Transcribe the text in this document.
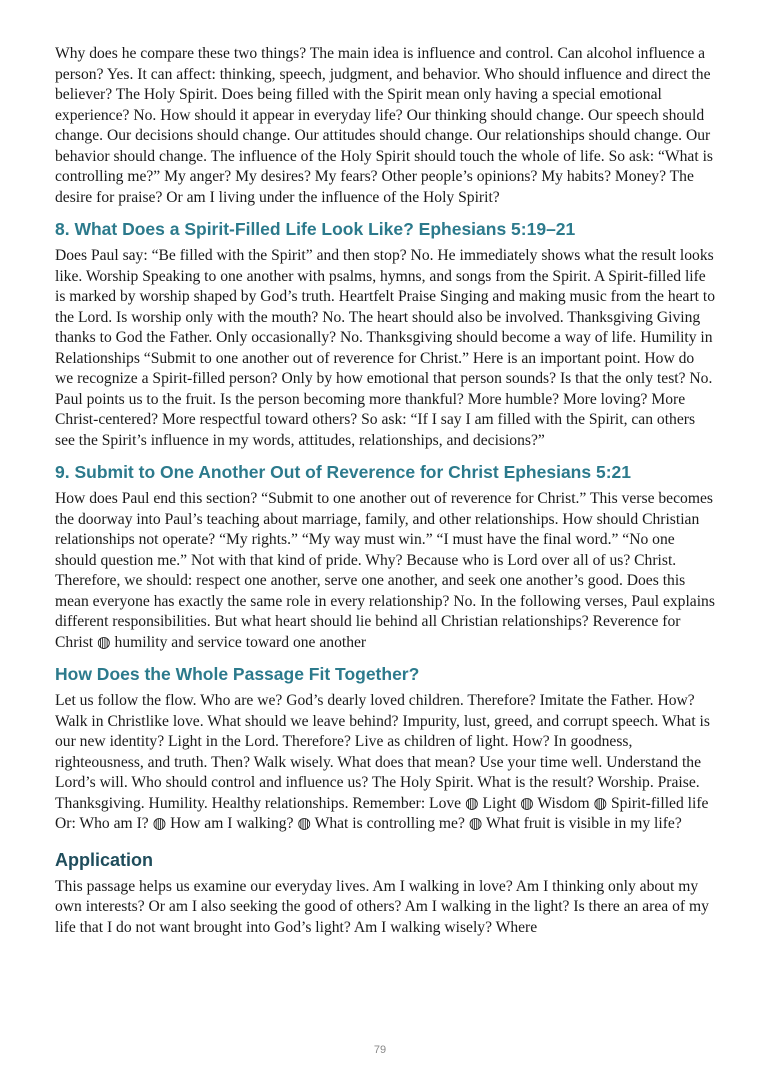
Why does he compare these two things? The main idea is influence and control. Can alcohol influence a person? Yes. It can affect: thinking, speech, judgment, and behavior. Who should influence and direct the believer? The Holy Spirit. Does being filled with the Spirit mean only having a special emotional experience? No. How should it appear in everyday life? Our thinking should change. Our speech should change. Our decisions should change. Our attitudes should change. Our relationships should change. Our behavior should change. The influence of the Holy Spirit should touch the whole of life. So ask: “What is controlling me?” My anger? My desires? My fears? Other people’s opinions? My habits? Money? The desire for praise? Or am I living under the influence of the Holy Spirit?

8. What Does a Spirit-Filled Life Look Like? Ephesians 5:19–21

Does Paul say: “Be filled with the Spirit” and then stop? No. He immediately shows what the result looks like. Worship Speaking to one another with psalms, hymns, and songs from the Spirit. A Spirit-filled life is marked by worship shaped by God’s truth. Heartfelt Praise Singing and making music from the heart to the Lord. Is worship only with the mouth? No. The heart should also be involved. Thanksgiving Giving thanks to God the Father. Only occasionally? No. Thanksgiving should become a way of life. Humility in Relationships “Submit to one another out of reverence for Christ.” Here is an important point. How do we recognize a Spirit-filled person? Only by how emotional that person sounds? Is that the only test? No. Paul points us to the fruit. Is the person becoming more thankful? More humble? More loving? More Christ-centered? More respectful toward others? So ask: “If I say I am filled with the Spirit, can others see the Spirit’s influence in my words, attitudes, relationships, and decisions?”

9. Submit to One Another Out of Reverence for Christ Ephesians 5:21

How does Paul end this section? “Submit to one another out of reverence for Christ.” This verse becomes the doorway into Paul’s teaching about marriage, family, and other relationships. How should Christian relationships not operate? “My rights.” “My way must win.” “I must have the final word.” “No one should question me.” Not with that kind of pride. Why? Because who is Lord over all of us? Christ. Therefore, we should: respect one another, serve one another, and seek one another’s good. Does this mean everyone has exactly the same role in every relationship? No. In the following verses, Paul explains different responsibilities. But what heart should lie behind all Christian relationships? Reverence for Christ ◍ humility and service toward one another

How Does the Whole Passage Fit Together?

Let us follow the flow. Who are we? God’s dearly loved children. Therefore? Imitate the Father. How? Walk in Christlike love. What should we leave behind? Impurity, lust, greed, and corrupt speech. What is our new identity? Light in the Lord. Therefore? Live as children of light. How? In goodness, righteousness, and truth. Then? Walk wisely. What does that mean? Use your time well. Understand the Lord’s will. Who should control and influence us? The Holy Spirit. What is the result? Worship. Praise. Thanksgiving. Humility. Healthy relationships. Remember: Love ◍ Light ◍ Wisdom ◍ Spirit-filled life Or: Who am I? ◍ How am I walking? ◍ What is controlling me? ◍ What fruit is visible in my life?

Application

This passage helps us examine our everyday lives. Am I walking in love? Am I thinking only about my own interests? Or am I also seeking the good of others? Am I walking in the light? Is there an area of my life that I do not want brought into God’s light? Am I walking wisely? Where

79
